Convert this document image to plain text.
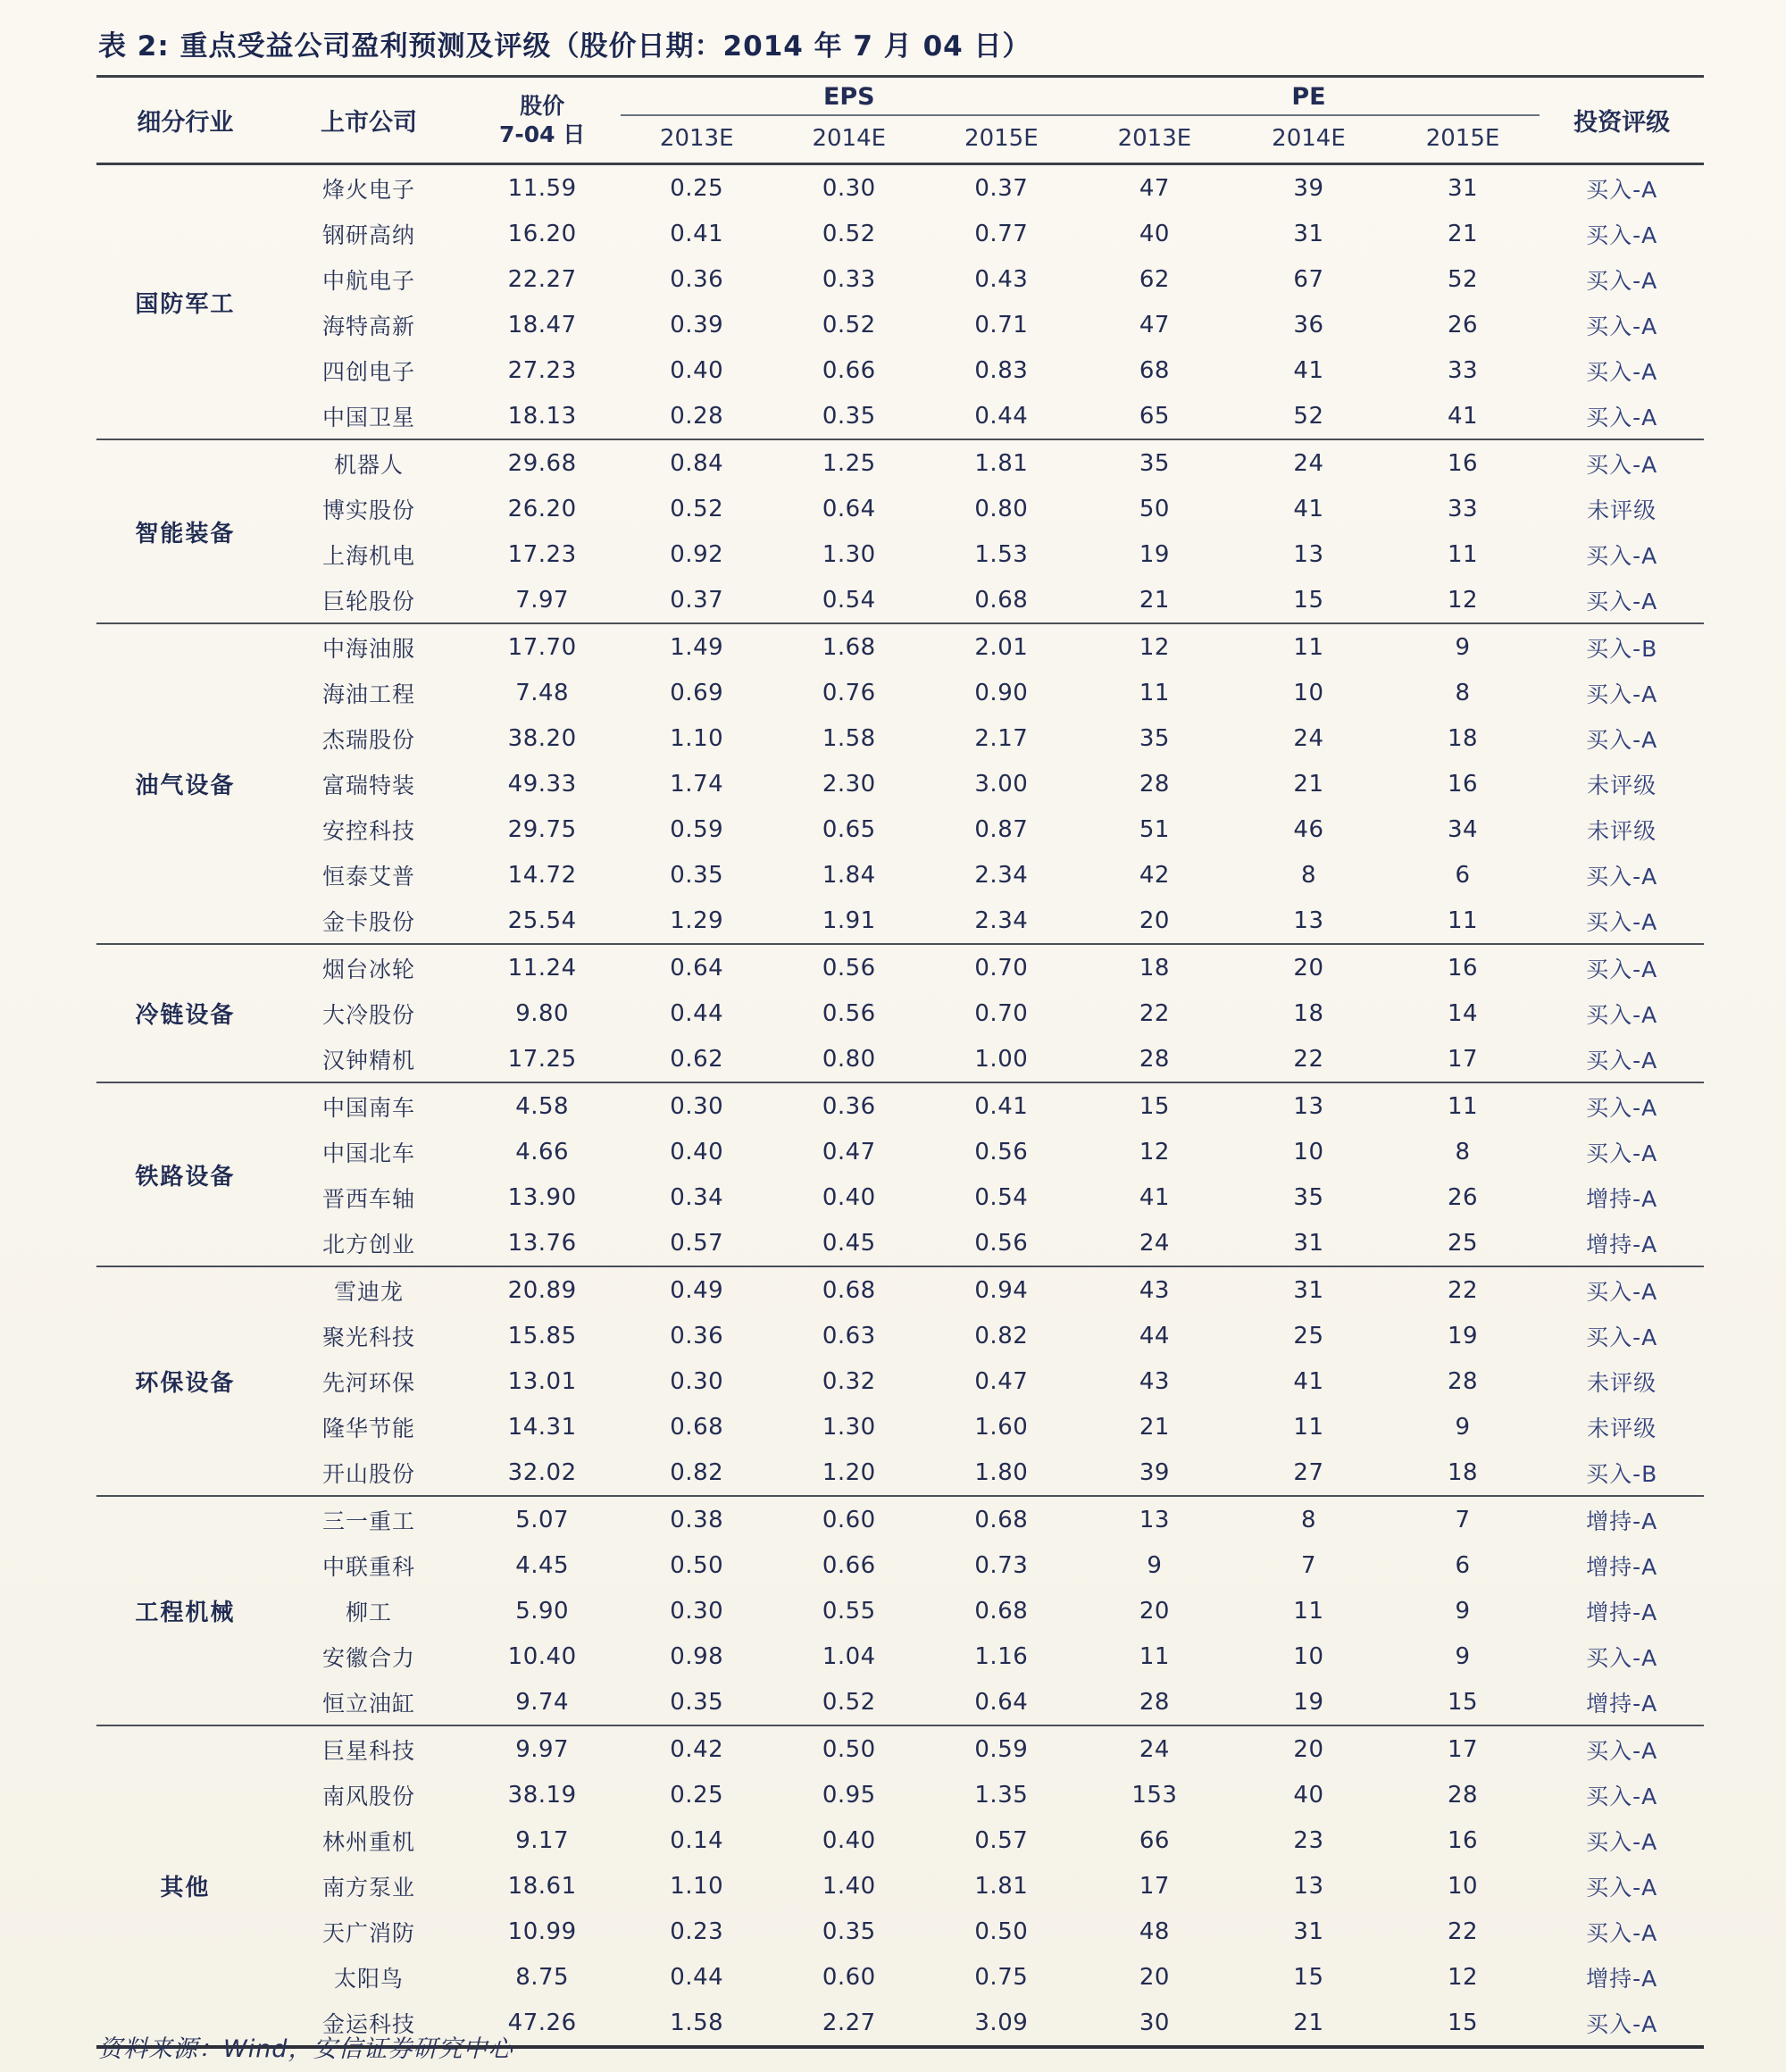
表 2: 重点受益公司盈利预测及评级（股价日期：2014 年 7 月 04 日）
细分行业	上市公司	股价
7-04 日	EPS			PE			投资评级
			2013E	2014E	2015E	2013E	2014E	2015E	
国防军工	烽火电子	11.59	0.25	0.30	0.37	47	39	31	买入-A
	钢研高纳	16.20	0.41	0.52	0.77	40	31	21	买入-A
	中航电子	22.27	0.36	0.33	0.43	62	67	52	买入-A
	海特高新	18.47	0.39	0.52	0.71	47	36	26	买入-A
	四创电子	27.23	0.40	0.66	0.83	68	41	33	买入-A
	中国卫星	18.13	0.28	0.35	0.44	65	52	41	买入-A
智能装备	机器人	29.68	0.84	1.25	1.81	35	24	16	买入-A
	博实股份	26.20	0.52	0.64	0.80	50	41	33	未评级
	上海机电	17.23	0.92	1.30	1.53	19	13	11	买入-A
	巨轮股份	7.97	0.37	0.54	0.68	21	15	12	买入-A
油气设备	中海油服	17.70	1.49	1.68	2.01	12	11	9	买入-B
	海油工程	7.48	0.69	0.76	0.90	11	10	8	买入-A
	杰瑞股份	38.20	1.10	1.58	2.17	35	24	18	买入-A
	富瑞特装	49.33	1.74	2.30	3.00	28	21	16	未评级
	安控科技	29.75	0.59	0.65	0.87	51	46	34	未评级
	恒泰艾普	14.72	0.35	1.84	2.34	42	8	6	买入-A
	金卡股份	25.54	1.29	1.91	2.34	20	13	11	买入-A
冷链设备	烟台冰轮	11.24	0.64	0.56	0.70	18	20	16	买入-A
	大冷股份	9.80	0.44	0.56	0.70	22	18	14	买入-A
	汉钟精机	17.25	0.62	0.80	1.00	28	22	17	买入-A
铁路设备	中国南车	4.58	0.30	0.36	0.41	15	13	11	买入-A
	中国北车	4.66	0.40	0.47	0.56	12	10	8	买入-A
	晋西车轴	13.90	0.34	0.40	0.54	41	35	26	增持-A
	北方创业	13.76	0.57	0.45	0.56	24	31	25	增持-A
环保设备	雪迪龙	20.89	0.49	0.68	0.94	43	31	22	买入-A
	聚光科技	15.85	0.36	0.63	0.82	44	25	19	买入-A
	先河环保	13.01	0.30	0.32	0.47	43	41	28	未评级
	隆华节能	14.31	0.68	1.30	1.60	21	11	9	未评级
	开山股份	32.02	0.82	1.20	1.80	39	27	18	买入-B
工程机械	三一重工	5.07	0.38	0.60	0.68	13	8	7	增持-A
	中联重科	4.45	0.50	0.66	0.73	9	7	6	增持-A
	柳工	5.90	0.30	0.55	0.68	20	11	9	增持-A
	安徽合力	10.40	0.98	1.04	1.16	11	10	9	买入-A
	恒立油缸	9.74	0.35	0.52	0.64	28	19	15	增持-A
其他	巨星科技	9.97	0.42	0.50	0.59	24	20	17	买入-A
	南风股份	38.19	0.25	0.95	1.35	153	40	28	买入-A
	林州重机	9.17	0.14	0.40	0.57	66	23	16	买入-A
	南方泵业	18.61	1.10	1.40	1.81	17	13	10	买入-A
	天广消防	10.99	0.23	0.35	0.50	48	31	22	买入-A
	太阳鸟	8.75	0.44	0.60	0.75	20	15	12	增持-A
	金运科技	47.26	1.58	2.27	3.09	30	21	15	买入-A
资料来源：Wind，安信证券研究中心
